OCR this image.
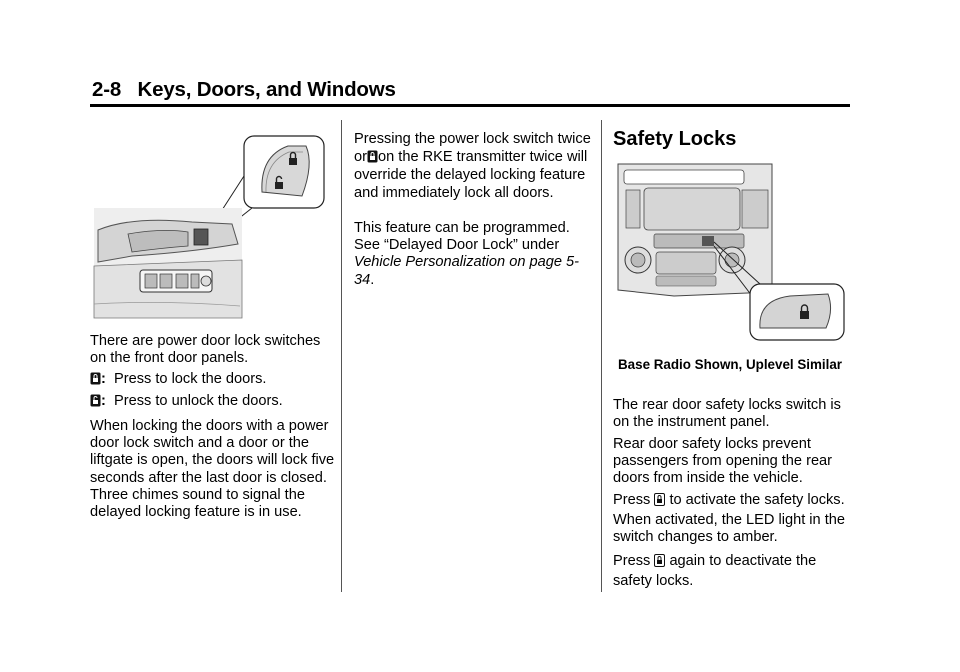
2-8 Keys, Doors, and Windows

There are power door lock switches on the front door panels.

: Press to lock the doors.
: Press to unlock the doors.

When locking the doors with a power door lock switch and a door or the liftgate is open, the doors will lock five seconds after the last door is closed. Three chimes sound to signal the delayed locking feature is in use.

Pressing the power lock switch twice or on the RKE transmitter twice will override the delayed locking feature and immediately lock all doors.

This feature can be programmed. See “Delayed Door Lock” under Vehicle Personalization on page 5-34.

Safety Locks
Base Radio Shown, Uplevel Similar

The rear door safety locks switch is on the instrument panel.

Rear door safety locks prevent passengers from opening the rear doors from inside the vehicle.

Press to activate the safety locks.

When activated, the LED light in the switch changes to amber.

Press again to deactivate the safety locks.
